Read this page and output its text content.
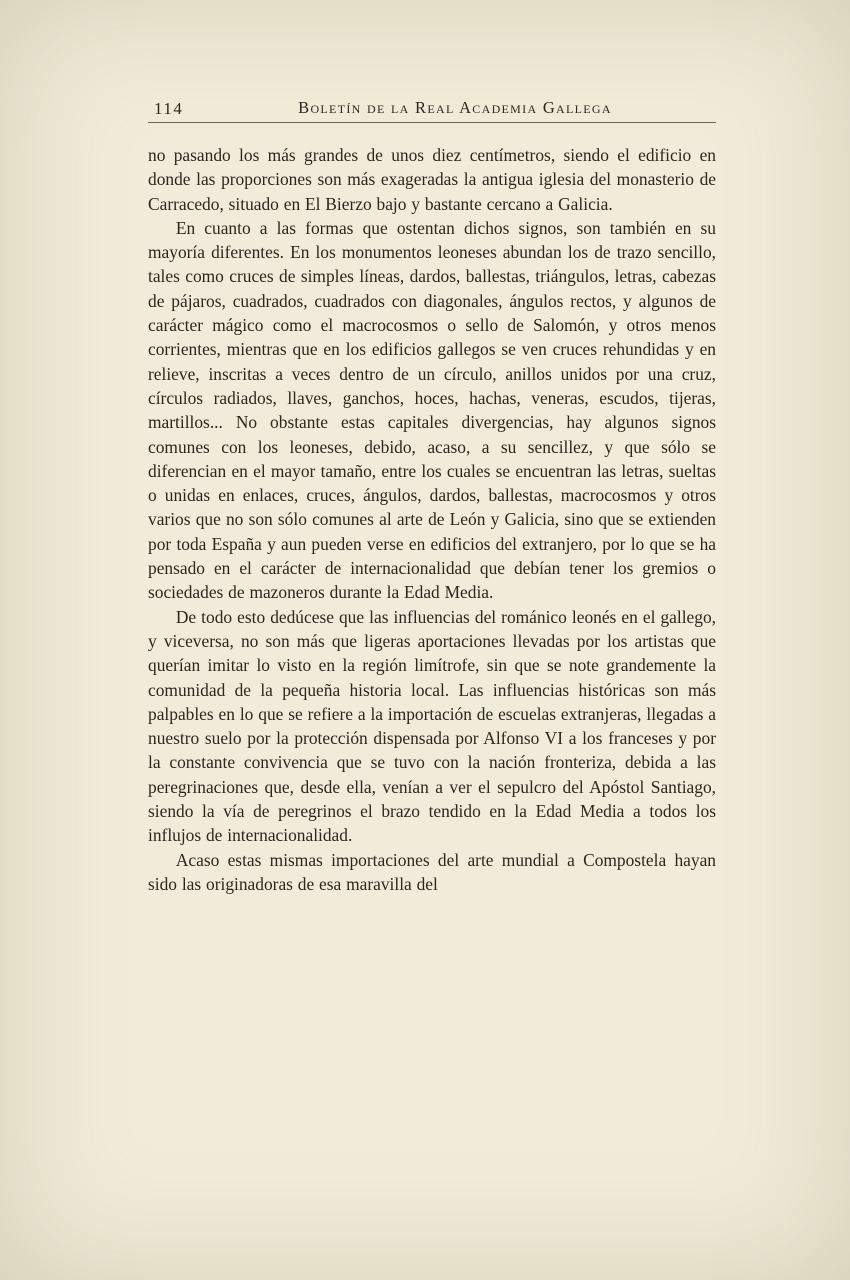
114	Boletín de la Real Academia Gallega

no pasando los más grandes de unos diez centímetros, siendo el edificio en donde las proporciones son más exageradas la antigua iglesia del monasterio de Carracedo, situado en El Bierzo bajo y bastante cercano a Galicia.

En cuanto a las formas que ostentan dichos signos, son también en su mayoría diferentes. En los monumentos leoneses abundan los de trazo sencillo, tales como cruces de simples líneas, dardos, ballestas, triángulos, letras, cabezas de pájaros, cuadrados, cuadrados con diagonales, ángulos rectos, y algunos de carácter mágico como el macrocosmos o sello de Salomón, y otros menos corrientes, mientras que en los edificios gallegos se ven cruces rehundidas y en relieve, inscritas a veces dentro de un círculo, anillos unidos por una cruz, círculos radiados, llaves, ganchos, hoces, hachas, veneras, escudos, tijeras, martillos... No obstante estas capitales divergencias, hay algunos signos comunes con los leoneses, debido, acaso, a su sencillez, y que sólo se diferencian en el mayor tamaño, entre los cuales se encuentran las letras, sueltas o unidas en enlaces, cruces, ángulos, dardos, ballestas, macrocosmos y otros varios que no son sólo comunes al arte de León y Galicia, sino que se extienden por toda España y aun pueden verse en edificios del extranjero, por lo que se ha pensado en el carácter de internacionalidad que debían tener los gremios o sociedades de mazoneros durante la Edad Media.

De todo esto dedúcese que las influencias del románico leonés en el gallego, y viceversa, no son más que ligeras aportaciones llevadas por los artistas que querían imitar lo visto en la región limítrofe, sin que se note grandemente la comunidad de la pequeña historia local. Las influencias históricas son más palpables en lo que se refiere a la importación de escuelas extranjeras, llegadas a nuestro suelo por la protección dispensada por Alfonso VI a los franceses y por la constante convivencia que se tuvo con la nación fronteriza, debida a las peregrinaciones que, desde ella, venían a ver el sepulcro del Apóstol Santiago, siendo la vía de peregrinos el brazo tendido en la Edad Media a todos los influjos de internacionalidad.

Acaso estas mismas importaciones del arte mundial a Compostela hayan sido las originadoras de esa maravilla del
